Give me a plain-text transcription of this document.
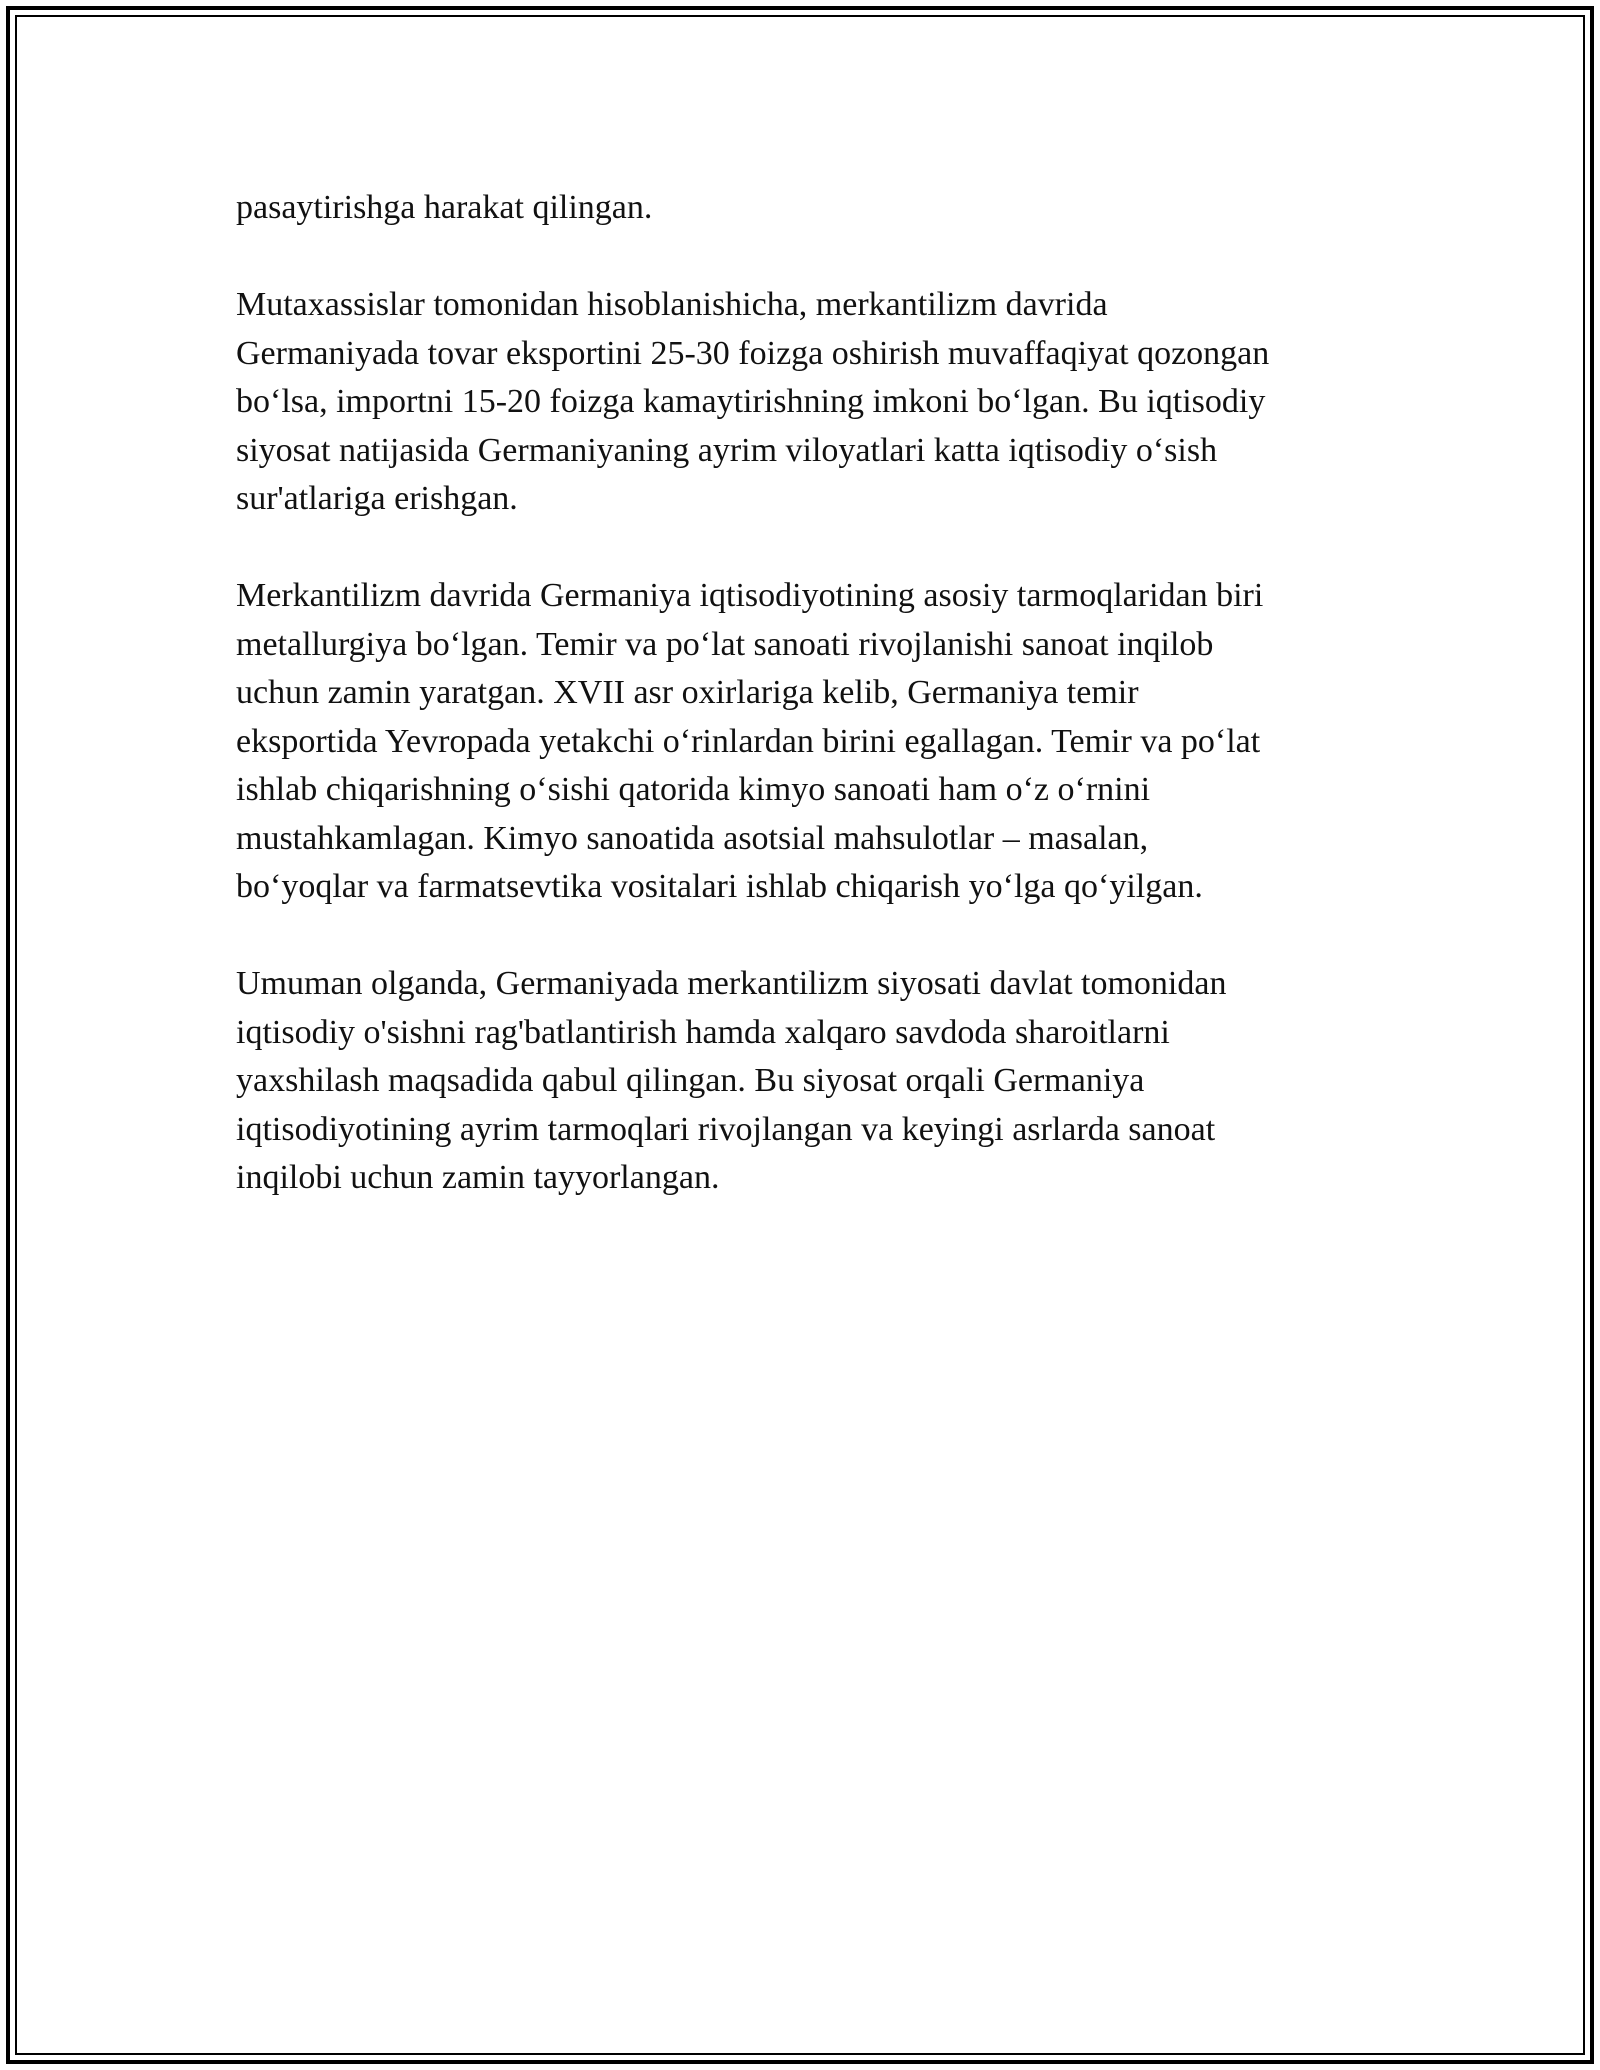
pasaytirishga harakat qilingan.

Mutaxassislar tomonidan hisoblanishicha, merkantilizm davrida
Germaniyada tovar eksportini 25-30 foizga oshirish muvaffaqiyat qozongan
bo‘lsa, importni 15-20 foizga kamaytirishning imkoni bo‘lgan. Bu iqtisodiy
siyosat natijasida Germaniyaning ayrim viloyatlari katta iqtisodiy o‘sish
sur'atlariga erishgan.

Merkantilizm davrida Germaniya iqtisodiyotining asosiy tarmoqlaridan biri
metallurgiya bo‘lgan. Temir va po‘lat sanoati rivojlanishi sanoat inqilob
uchun zamin yaratgan. XVII asr oxirlariga kelib, Germaniya temir
eksportida Yevropada yetakchi o‘rinlardan birini egallagan. Temir va po‘lat
ishlab chiqarishning o‘sishi qatorida kimyo sanoati ham o‘z o‘rnini
mustahkamlagan. Kimyo sanoatida asotsial mahsulotlar – masalan,
bo‘yoqlar va farmatsevtika vositalari ishlab chiqarish yo‘lga qo‘yilgan.

Umuman olganda, Germaniyada merkantilizm siyosati davlat tomonidan
iqtisodiy o'sishni rag'batlantirish hamda xalqaro savdoda sharoitlarni
yaxshilash maqsadida qabul qilingan. Bu siyosat orqali Germaniya
iqtisodiyotining ayrim tarmoqlari rivojlangan va keyingi asrlarda sanoat
inqilobi uchun zamin tayyorlangan.
